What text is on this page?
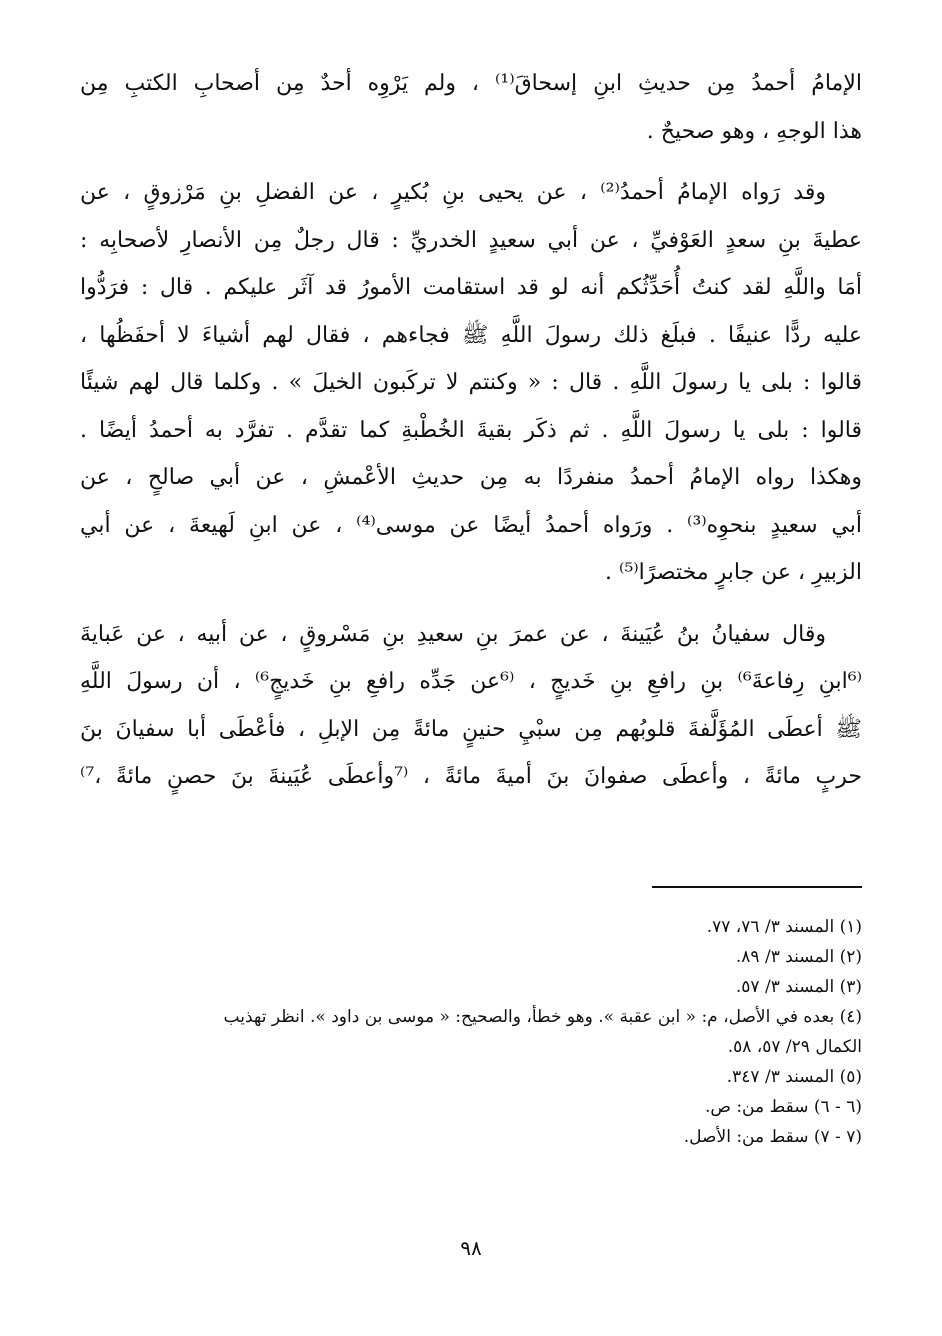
الإمامُ أحمدُ مِن حديثِ ابنِ إسحاقَ⁽¹⁾ ، ولم يَرْوِه أحدٌ مِن أصحابِ الكتبِ مِن
هذا الوجهِ ، وهو صحيحٌ .

وقد رَواه الإمامُ أحمدُ⁽²⁾ ، عن يحيى بنِ بُكيرٍ ، عن الفضلِ بنِ مَرْزوقٍ ، عن
عطيةَ بنِ سعدٍ العَوْفيِّ ، عن أبي سعيدٍ الخدريِّ : قال رجلٌ مِن الأنصارِ لأصحابِه :
أمَا واللَّهِ لقد كنتُ أُحَدِّثُكم أنه لو قد استقامت الأمورُ قد آثَر عليكم . قال : فرَدُّوا
عليه ردًّا عنيفًا . فبلَغ ذلك رسولَ اللَّهِ ﷺ فجاءهم ، فقال لهم أشياءَ لا أحفَظُها ،
قالوا : بلى يا رسولَ اللَّهِ . قال : « وكنتم لا تركَبون الخيلَ » . وكلما قال لهم شيئًا
قالوا : بلى يا رسولَ اللَّهِ . ثم ذكَر بقيةَ الخُطْبةِ كما تقدَّم . تفرَّد به أحمدُ أيضًا .
وهكذا رواه الإمامُ أحمدُ منفردًا به مِن حديثِ الأعْمشِ ، عن أبي صالحٍ ، عن
أبي سعيدٍ بنحوِه⁽³⁾ . ورَواه أحمدُ أيضًا عن موسى⁽⁴⁾ ، عن ابنِ لَهيعةَ ، عن أبي
الزبيرِ ، عن جابرٍ مختصرًا⁽⁵⁾ .

وقال سفيانُ بنُ عُيَينةَ ، عن عمرَ بنِ سعيدِ بنِ مَسْروقٍ ، عن أبيه ، عن عَبايةَ
⁽⁶ابنِ رِفاعةَ⁶⁾ بنِ رافعِ بنِ خَديجٍ ، ⁽⁶عن جَدِّه رافعِ بنِ خَديجٍ⁶⁾ ، أن رسولَ اللَّهِ
ﷺ أعطَى المُؤَلَّفةَ قلوبُهم مِن سبْيِ حنينٍ مائةً مِن الإبلِ ، فأعْطَى أبا سفيانَ بنَ
حربٍ مائةً ، وأعطَى صفوانَ بنَ أميةَ مائةً ، ⁽⁷وأعطَى عُيَينةَ بنَ حصنٍ مائةً ،⁷⁾

(١) المسند ٣/ ٧٦، ٧٧.
(٢) المسند ٣/ ٨٩.
(٣) المسند ٣/ ٥٧.
(٤) بعده في الأصل، م: « ابن عقبة ». وهو خطأ، والصحيح: « موسى بن داود ». انظر تهذيب
الكمال ٢٩/ ٥٧، ٥٨.
(٥) المسند ٣/ ٣٤٧.
(٦ - ٦) سقط من: ص.
(٧ - ٧) سقط من: الأصل.
٩٨
